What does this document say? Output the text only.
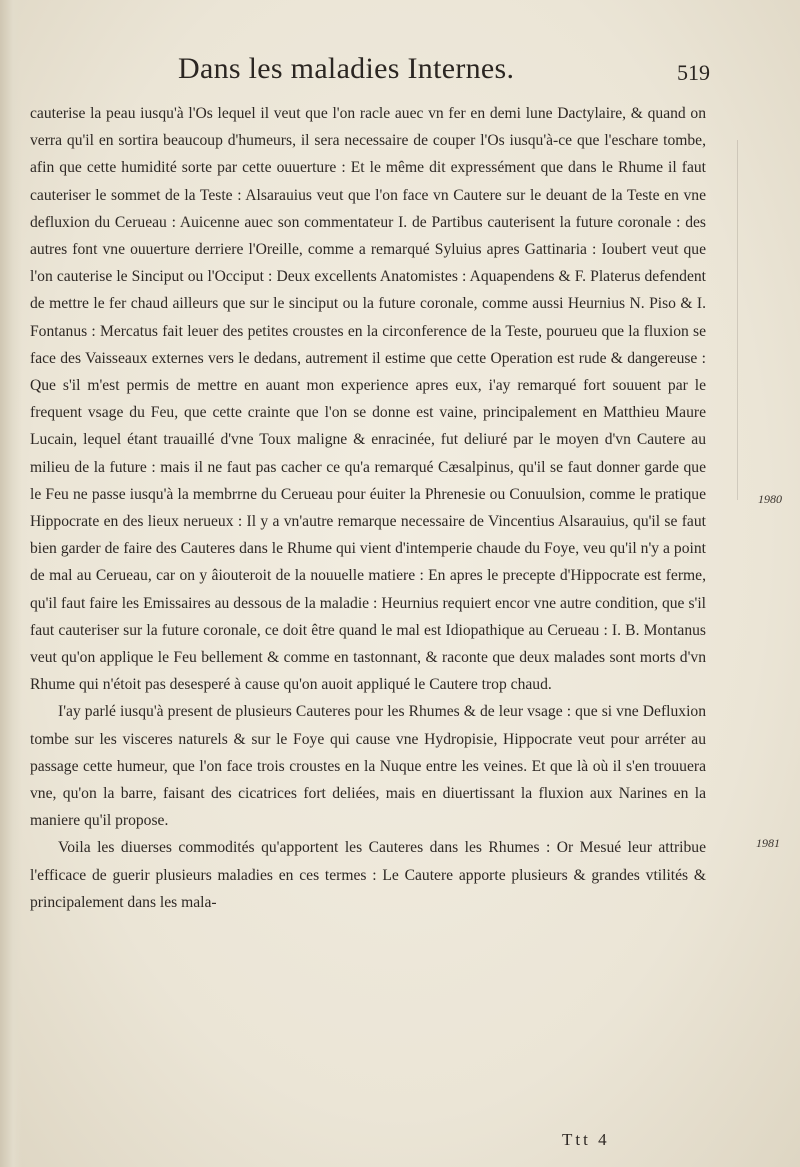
Dans les maladies Internes.	519

cauterise la peau iusqu'à l'Os lequel il veut que l'on racle auec vn fer en demi lune Dactylaire, & quand on verra qu'il en sortira beaucoup d'humeurs, il sera necessaire de couper l'Os iusqu'à-ce que l'eschare tombe, afin que cette humidité sorte par cette ouuerture : Et le même dit expressément que dans le Rhume il faut cauteriser le sommet de la Teste : Alsarauius veut que l'on face vn Cautere sur le deuant de la Teste en vne defluxion du Cerueau : Auicenne auec son commentateur I. de Partibus cauterisent la future coronale : des autres font vne ouuerture derriere l'Oreille, comme a remarqué Syluius apres Gattinaria : Ioubert veut que l'on cauterise le Sinciput ou l'Occiput : Deux excellents Anatomistes : Aquapendens & F. Platerus defendent de mettre le fer chaud ailleurs que sur le sinciput ou la future coronale, comme aussi Heurnius N. Piso & I. Fontanus : Mercatus fait leuer des petites croustes en la circonference de la Teste, pourueu que la fluxion se face des Vaisseaux externes vers le dedans, autrement il estime que cette Operation est rude & dangereuse : Que s'il m'est permis de mettre en auant mon experience apres eux, i'ay remarqué fort souuent par le frequent vsage du Feu, que cette crainte que l'on se donne est vaine, principalement en Matthieu Maure Lucain, lequel étant trauaillé d'vne Toux maligne & enracinée, fut deliuré par le moyen d'vn Cautere au milieu de la future : mais il ne faut pas cacher ce qu'a remarqué Cæsalpinus, qu'il se faut donner garde que le Feu ne passe iusqu'à la membrrne du Cerueau pour éuiter la Phrenesie ou Conuulsion, comme le pratique Hippocrate en des lieux nerueux : Il y a vn'autre remarque necessaire de Vincentius Alsarauius, qu'il se faut bien garder de faire des Cauteres dans le Rhume qui vient d'intemperie chaude du Foye, veu qu'il n'y a point de mal au Cerueau, car on y âiouteroit de la nouuelle matiere : En apres le precepte d'Hippocrate est ferme, qu'il faut faire les Emissaires au dessous de la maladie : Heurnius requiert encor vne autre condition, que s'il faut cauteriser sur la future coronale, ce doit être quand le mal est Idiopathique au Cerueau : I. B. Montanus veut qu'on applique le Feu bellement & comme en tastonnant, & raconte que deux malades sont morts d'vn Rhume qui n'étoit pas desesperé à cause qu'on auoit appliqué le Cautere trop chaud.

I'ay parlé iusqu'à present de plusieurs Cauteres pour les Rhumes & de leur vsage : que si vne Defluxion tombe sur les visceres naturels & sur le Foye qui cause vne Hydropisie, Hippocrate veut pour arréter au passage cette humeur, que l'on face trois croustes en la Nuque entre les veines. Et que là où il s'en trouuera vne, qu'on la barre, faisant des cicatrices fort deliées, mais en diuertissant la fluxion aux Narines en la maniere qu'il propose.

Voila les diuerses commodités qu'apportent les Cauteres dans les Rhumes : Or Mesué leur attribue l'efficace de guerir plusieurs maladies en ces termes : Le Cautere apporte plusieurs & grandes vtilités & principalement dans les mala-

1980
1981
Ttt 4
